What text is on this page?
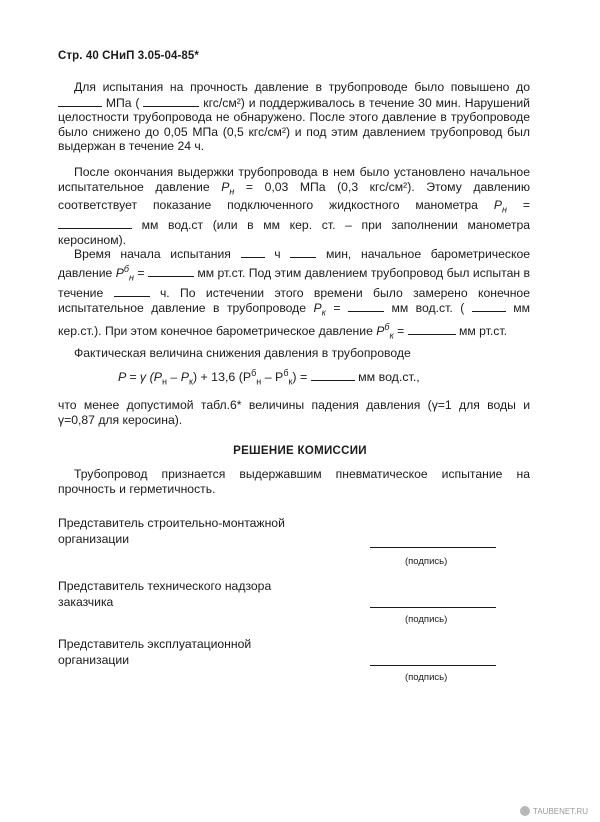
Стр. 40 СНиП 3.05-04-85*

Для испытания на прочность давление в трубопроводе было повышено до  МПа (	кгс/см²) и поддерживалось в течение 30 мин. Нарушений целостности трубопровода не обнаружено. После этого давление в трубопроводе было снижено до 0,05 МПа (0,5 кгс/см²) и под этим давлением трубопровод был выдержан в течение 24 ч.

После окончания выдержки трубопровода в нем было установлено начальное испытательное давление $P_н = 0,03$ МПа (0,3 кгс/см²). Этому давлению соответствует показание подключенного жидкостного манометра $P_н$ =  мм вод.ст (или в мм кер. ст. – при заполнении манометра керосином).

Время начала испытания	ч	мин, начальное барометрическое давление $P^б_н$ =	мм рт.ст. Под этим давлением трубопровод был испытан в течение	ч. По истечении этого времени было замерено конечное испытательное давление в трубопроводе $P_к$ =	мм вод.ст. (	мм кер.ст.). При этом конечное барометрическое давление $P^б_к$ =	мм рт.ст.

Фактическая величина снижения давления в трубопроводе

P = γ $(P_н - P_к) + 13,6$ $(P^б_н - P^б_к)$ =	мм вод.ст.,

что менее допустимой табл.6* величины падения давления (γ=1 для воды и γ=0,87 для керосина).

РЕШЕНИЕ КОМИССИИ

Трубопровод признается выдержавшим пневматическое испытание на прочность и герметичность.

Представитель строительно-монтажной
организации
(подпись)
Представитель технического надзора
заказчика
(подпись)
Представитель эксплуатационной
организации
(подпись)
TAUBENET.RU
